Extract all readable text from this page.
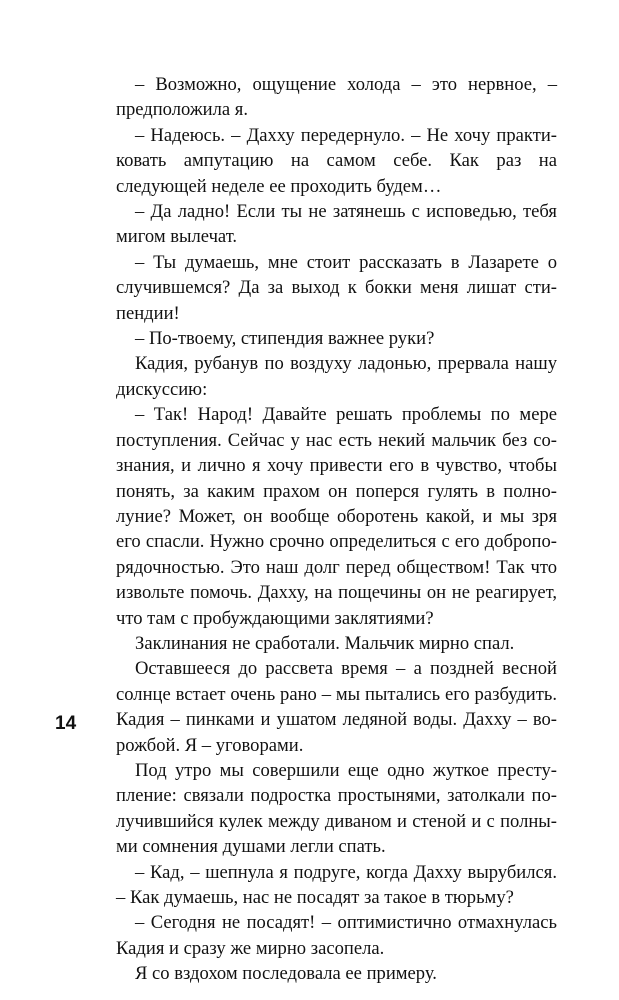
– Возможно, ощущение холода – это нервное, – предположила я.

– Надеюсь. – Дахху передернуло. – Не хочу практиковать ампутацию на самом себе. Как раз на следующей неделе ее проходить будем…

– Да ладно! Если ты не затянешь с исповедью, тебя мигом вылечат.

– Ты думаешь, мне стоит рассказать в Лазарете о случившемся? Да за выход к бокки меня лишат стипендии!

– По-твоему, стипендия важнее руки?

Кадия, рубанув по воздуху ладонью, прервала нашу дискуссию:

– Так! Народ! Давайте решать проблемы по мере поступления. Сейчас у нас есть некий мальчик без сознания, и лично я хочу привести его в чувство, чтобы понять, за каким прахом он поперся гулять в полнолуние? Может, он вообще оборотень какой, и мы зря его спасли. Нужно срочно определиться с его добропорядочностью. Это наш долг перед обществом! Так что извольте помочь. Дахху, на пощечины он не реагирует, что там с пробуждающими заклятиями?

Заклинания не сработали. Мальчик мирно спал.

Оставшееся до рассвета время – а поздней весной солнце встает очень рано – мы пытались его разбудить. Кадия – пинками и ушатом ледяной воды. Дахху – ворожбой. Я – уговорами.

Под утро мы совершили еще одно жуткое преступление: связали подростка простынями, затолкали получившийся кулек между диваном и стеной и с полными сомнения душами легли спать.

– Кад, – шепнула я подруге, когда Дахху вырубился. – Как думаешь, нас не посадят за такое в тюрьму?

– Сегодня не посадят! – оптимистично отмахнулась Кадия и сразу же мирно засопела.

Я со вздохом последовала ее примеру.

14
